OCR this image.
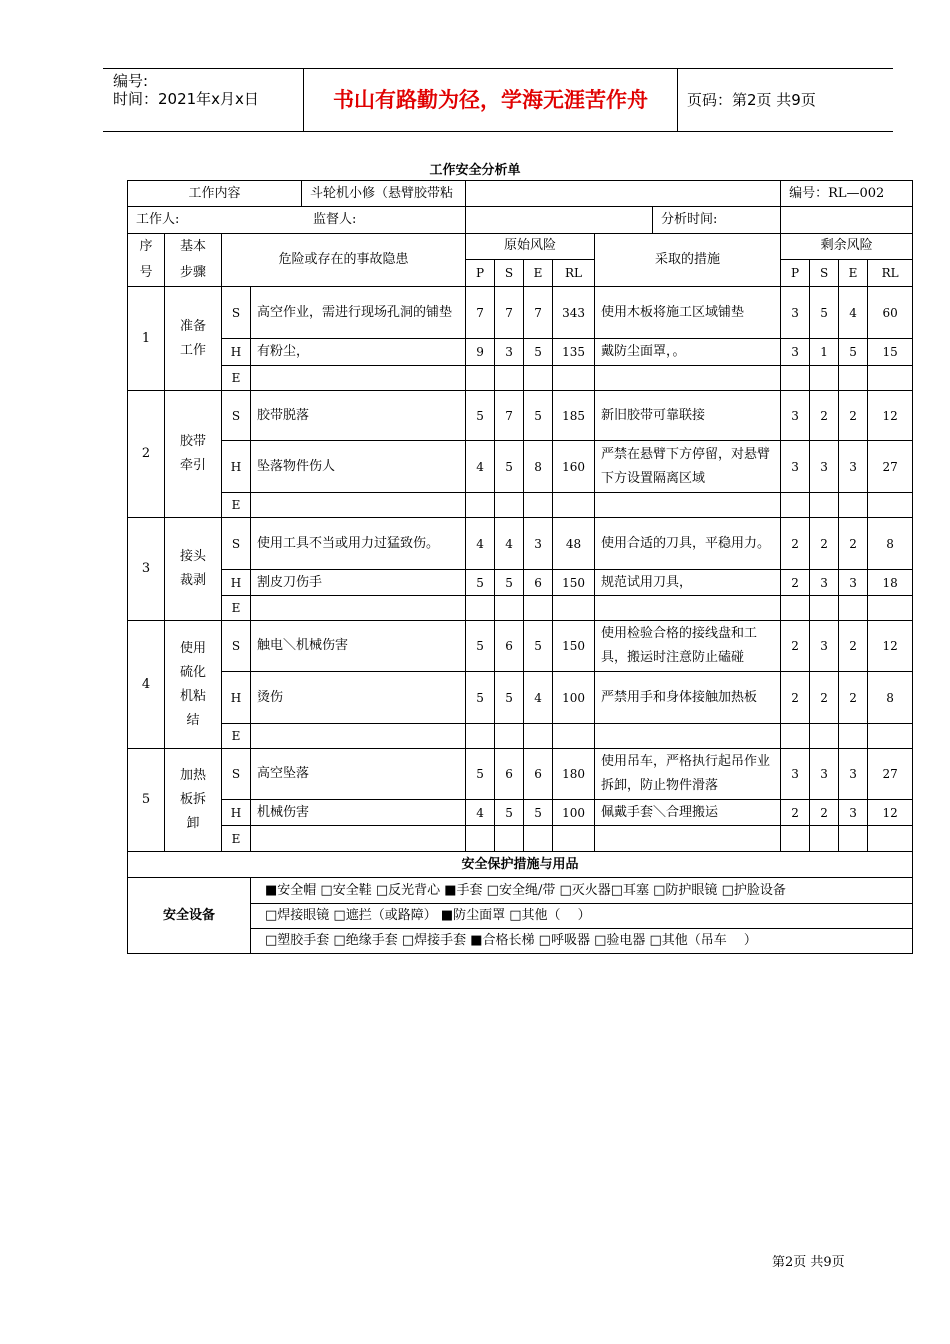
编号:
时间：2021年x月x日	书山有路勤为径，学海无涯苦作舟	页码：第2页 共9页
工作安全分析单
工作内容 斗轮机小修（悬臂胶带粘									编号：RL—002			

工作人: 监督人:				分析时间:								

序号	基本步骤	危险或存在的事故隐患		原始风险				采取的措施	剩余风险			
				P	S	E	RL		P	S	E	RL
1	准备工作	S	高空作业，需进行现场孔洞的铺垫	7	7	7	343	使用木板将施工区域铺垫	3	5	4	60
		H	有粉尘，	9	3	5	135	戴防尘面罩，。	3	1	5	15
		E										
2	胶带牵引	S	胶带脱落	5	7	5	185	新旧胶带可靠联接	3	2	2	12
		H	坠落物件伤人	4	5	8	160	严禁在悬臂下方停留，对悬臂下方设置隔离区域	3	3	3	27
		E										
3	接头裁剥	S	使用工具不当或用力过猛致伤。	4	4	3	48	使用合适的刀具，平稳用力。	2	2	2	8
		H	割皮刀伤手	5	5	6	150	规范试用刀具，	2	3	3	18
		E										
4	使用硫化机粘结	S	触电＼机械伤害	5	6	5	150	使用检验合格的接线盘和工具，搬运时注意防止磕碰	2	3	2	12
		H	烫伤	5	5	4	100	严禁用手和身体接触加热板	2	2	2	8
		E										
5	加热板拆卸	S	高空坠落	5	6	6	180	使用吊车，严格执行起吊作业拆卸，防止物件滑落	3	3	3	27
		H	机械伤害	4	5	5	100	佩戴手套＼合理搬运	2	2	3	12
		E										
安全保护措施与用品												
安全设备			■安全帽 □安全鞋 □反光背心 ■手套 □安全绳/带 □灭火器□耳塞 □防护眼镜 □护脸设备									
			□焊接眼镜 □遮拦（或路障） ■防尘面罩 □其他（　 ）									
			□塑胶手套 □绝缘手套 □焊接手套 ■合格长梯 □呼吸器 □验电器 □其他（吊车　 ）									
第2页 共9页
